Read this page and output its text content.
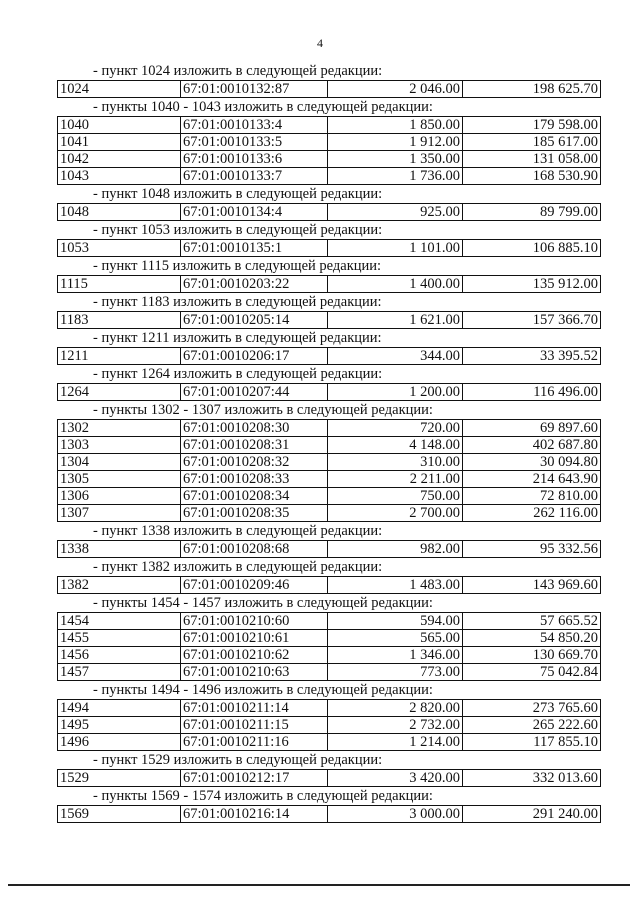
4
- пункт 1024 изложить в следующей редакции:
1024	67:01:0010132:87	2 046.00	198 625.70
- пункты 1040 - 1043 изложить в следующей редакции:
1040	67:01:0010133:4	1 850.00	179 598.00
1041	67:01:0010133:5	1 912.00	185 617.00
1042	67:01:0010133:6	1 350.00	131 058.00
1043	67:01:0010133:7	1 736.00	168 530.90
- пункт 1048 изложить в следующей редакции:
1048	67:01:0010134:4	925.00	89 799.00
- пункт 1053 изложить в следующей редакции:
1053	67:01:0010135:1	1 101.00	106 885.10
- пункт 1115 изложить в следующей редакции:
1115	67:01:0010203:22	1 400.00	135 912.00
- пункт 1183 изложить в следующей редакции:
1183	67:01:0010205:14	1 621.00	157 366.70
- пункт 1211 изложить в следующей редакции:
1211	67:01:0010206:17	344.00	33 395.52
- пункт 1264 изложить в следующей редакции:
1264	67:01:0010207:44	1 200.00	116 496.00
- пункты 1302 - 1307 изложить в следующей редакции:
1302	67:01:0010208:30	720.00	69 897.60
1303	67:01:0010208:31	4 148.00	402 687.80
1304	67:01:0010208:32	310.00	30 094.80
1305	67:01:0010208:33	2 211.00	214 643.90
1306	67:01:0010208:34	750.00	72 810.00
1307	67:01:0010208:35	2 700.00	262 116.00
- пункт 1338 изложить в следующей редакции:
1338	67:01:0010208:68	982.00	95 332.56
- пункт 1382 изложить в следующей редакции:
1382	67:01:0010209:46	1 483.00	143 969.60
- пункты 1454 - 1457 изложить в следующей редакции:
1454	67:01:0010210:60	594.00	57 665.52
1455	67:01:0010210:61	565.00	54 850.20
1456	67:01:0010210:62	1 346.00	130 669.70
1457	67:01:0010210:63	773.00	75 042.84
- пункты 1494 - 1496 изложить в следующей редакции:
1494	67:01:0010211:14	2 820.00	273 765.60
1495	67:01:0010211:15	2 732.00	265 222.60
1496	67:01:0010211:16	1 214.00	117 855.10
- пункт 1529 изложить в следующей редакции:
1529	67:01:0010212:17	3 420.00	332 013.60
- пункты 1569 - 1574 изложить в следующей редакции:
1569	67:01:0010216:14	3 000.00	291 240.00
